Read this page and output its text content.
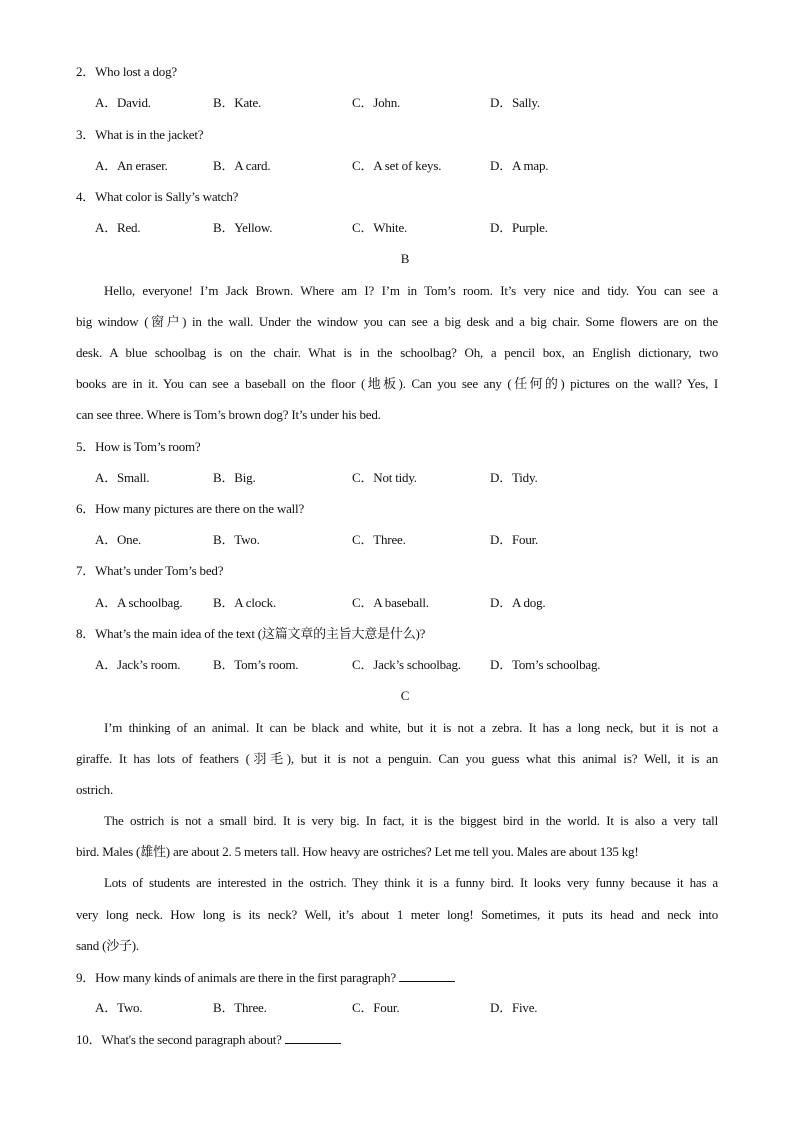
2．Who lost a dog?
A．David.	B．Kate.	C．John.	D．Sally.
3．What is in the jacket?
A．An eraser.	B．A card.	C．A set of keys.	D．A map.
4．What color is Sally’s watch?
A．Red.	B．Yellow.	C．White.	D．Purple.
B
Hello, everyone! I’m Jack Brown. Where am I? I’m in Tom’s room. It’s very nice and tidy. You can see a
big window (窗户) in the wall. Under the window you can see a big desk and a big chair. Some flowers are on the
desk. A blue schoolbag is on the chair. What is in the schoolbag? Oh, a pencil box, an English dictionary, two
books are in it. You can see a baseball on the floor (地板). Can you see any (任何的) pictures on the wall? Yes, I
can see three. Where is Tom’s brown dog? It’s under his bed.
5．How is Tom’s room?
A．Small.	B．Big.	C．Not tidy.	D．Tidy.
6．How many pictures are there on the wall?
A．One.	B．Two.	C．Three.	D．Four.
7．What’s under Tom’s bed?
A．A schoolbag. B．A clock.	C．A baseball.	D．A dog.
8．What’s the main idea of the text (这篇文章的主旨大意是什么)?
A．Jack’s room.	B．Tom’s room.	C．Jack’s schoolbag. D．Tom’s schoolbag.
C
I’m thinking of an animal. It can be black and white, but it is not a zebra. It has a long neck, but it is not a
giraffe. It has lots of feathers (羽毛), but it is not a penguin. Can you guess what this animal is? Well, it is an
ostrich.
The ostrich is not a small bird. It is very big. In fact, it is the biggest bird in the world. It is also a very tall
bird. Males (雄性) are about 2. 5 meters tall. How heavy are ostriches? Let me tell you. Males are about 135 kg!
Lots of students are interested in the ostrich. They think it is a funny bird. It looks very funny because it has a
very long neck. How long is its neck? Well, it’s about 1 meter long! Sometimes, it puts its head and neck into
sand (沙子).
9．How many kinds of animals are there in the first paragraph?
A．Two.	B．Three.	C．Four.	D．Five.
10．What's the second paragraph about?
